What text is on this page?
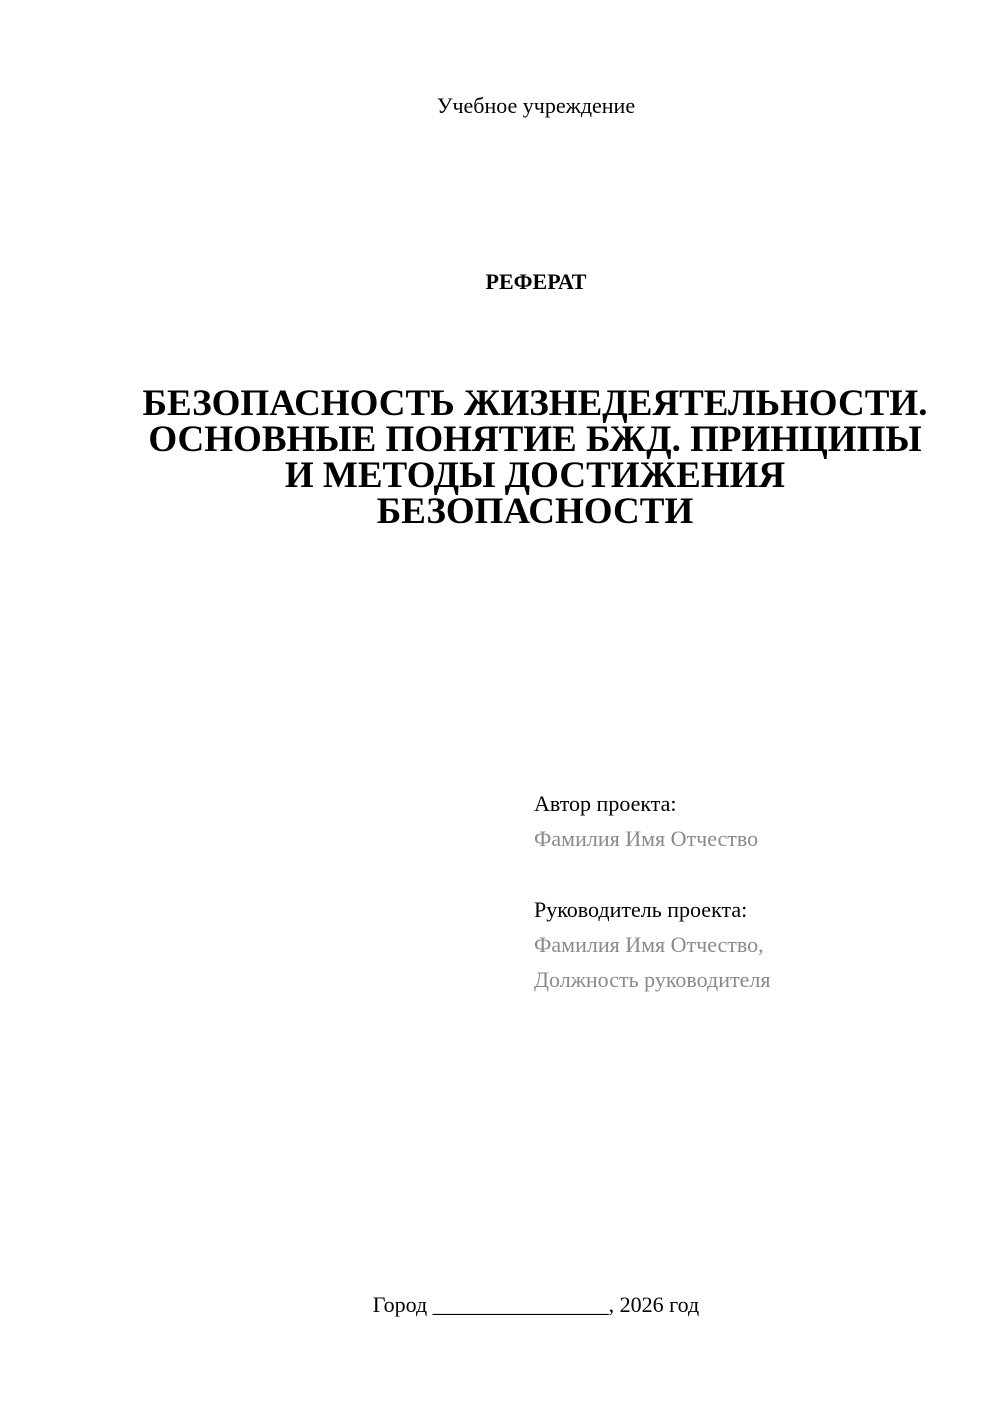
Учебное учреждение
РЕФЕРАТ
БЕЗОПАСНОСТЬ ЖИЗНЕДЕЯТЕЛЬНОСТИ. ОСНОВНЫЕ ПОНЯТИЕ БЖД. ПРИНЦИПЫ И МЕТОДЫ ДОСТИЖЕНИЯ БЕЗОПАСНОСТИ
Автор проекта:
Фамилия Имя Отчество
Руководитель проекта:
Фамилия Имя Отчество,
Должность руководителя
Город ________________, 2026 год
